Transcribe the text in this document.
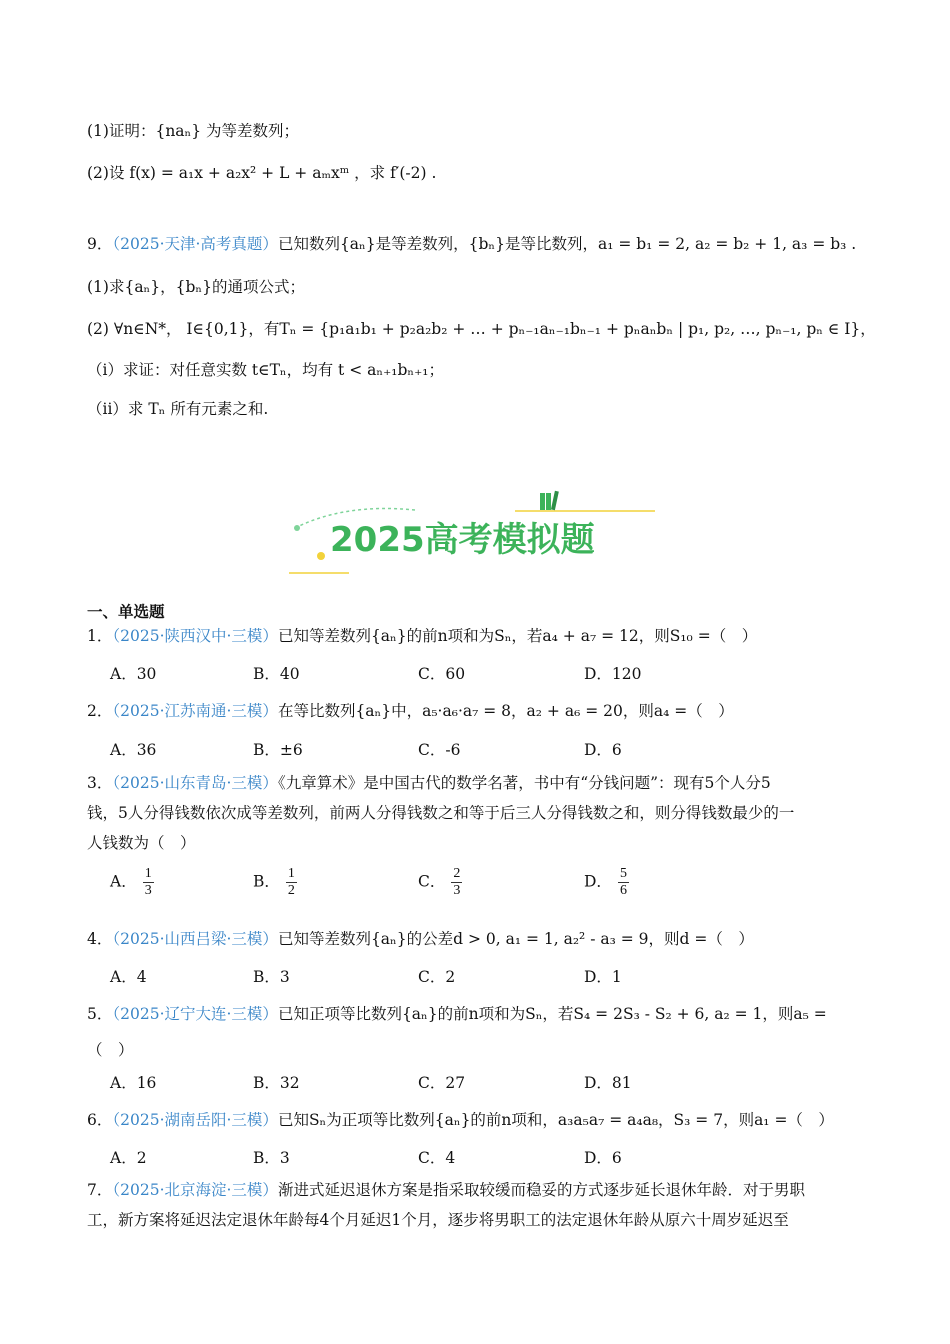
(1)证明：{naₙ} 为等差数列；
(2)设 f(x) = a₁x + a₂x² + L + aₘxᵐ ，求 f′(-2) .
9．（2025·天津·高考真题）已知数列{aₙ}是等差数列，{bₙ}是等比数列，a₁ = b₁ = 2, a₂ = b₂ + 1, a₃ = b₃ .
(1)求{aₙ}，{bₙ}的通项公式；
(2) ∀n∈N*， I∈{0,1}，有Tₙ = {p₁a₁b₁ + p₂a₂b₂ + … + pₙ₋₁aₙ₋₁bₙ₋₁ + pₙaₙbₙ | p₁, p₂, …, pₙ₋₁, pₙ ∈ I}，
（i）求证：对任意实数 t∈Tₙ，均有 t < aₙ₊₁bₙ₊₁；
（ii）求 Tₙ 所有元素之和.
2025高考模拟题
一、单选题
1．（2025·陕西汉中·三模）已知等差数列{aₙ}的前n项和为Sₙ，若a₄ + a₇ = 12，则S₁₀ =（　）
A．30	B．40	C．60	D．120
2．（2025·江苏南通·三模）在等比数列{aₙ}中，a₅·a₆·a₇ = 8，a₂ + a₆ = 20，则a₄ =（　）
A．36	B．±6	C．-6	D．6
3．（2025·山东青岛·三模）《九章算术》是中国古代的数学名著，书中有“分钱问题”：现有5个人分5
钱，5人分得钱数依次成等差数列，前两人分得钱数之和等于后三人分得钱数之和，则分得钱数最少的一
人钱数为（　）
A． $\frac{1}{3}$	B． $\frac{1}{2}$	C． $\frac{2}{3}$	D． $\frac{5}{6}$
4．（2025·山西吕梁·三模）已知等差数列{aₙ}的公差d > 0, a₁ = 1, a₂² - a₃ = 9，则d =（　）
A．4	B．3	C．2	D．1
5．（2025·辽宁大连·三模）已知正项等比数列{aₙ}的前n项和为Sₙ，若S₄ = 2S₃ - S₂ + 6, a₂ = 1，则a₅ =
（　）
A．16	B．32	C．27	D．81
6．（2025·湖南岳阳·三模）已知Sₙ为正项等比数列{aₙ}的前n项和，a₃a₅a₇ = a₄a₈，S₃ = 7，则a₁ =（　）
A．2	B．3	C．4	D．6
7．（2025·北京海淀·三模）渐进式延迟退休方案是指采取较缓而稳妥的方式逐步延长退休年龄．对于男职
工，新方案将延迟法定退休年龄每4个月延迟1个月，逐步将男职工的法定退休年龄从原六十周岁延迟至
